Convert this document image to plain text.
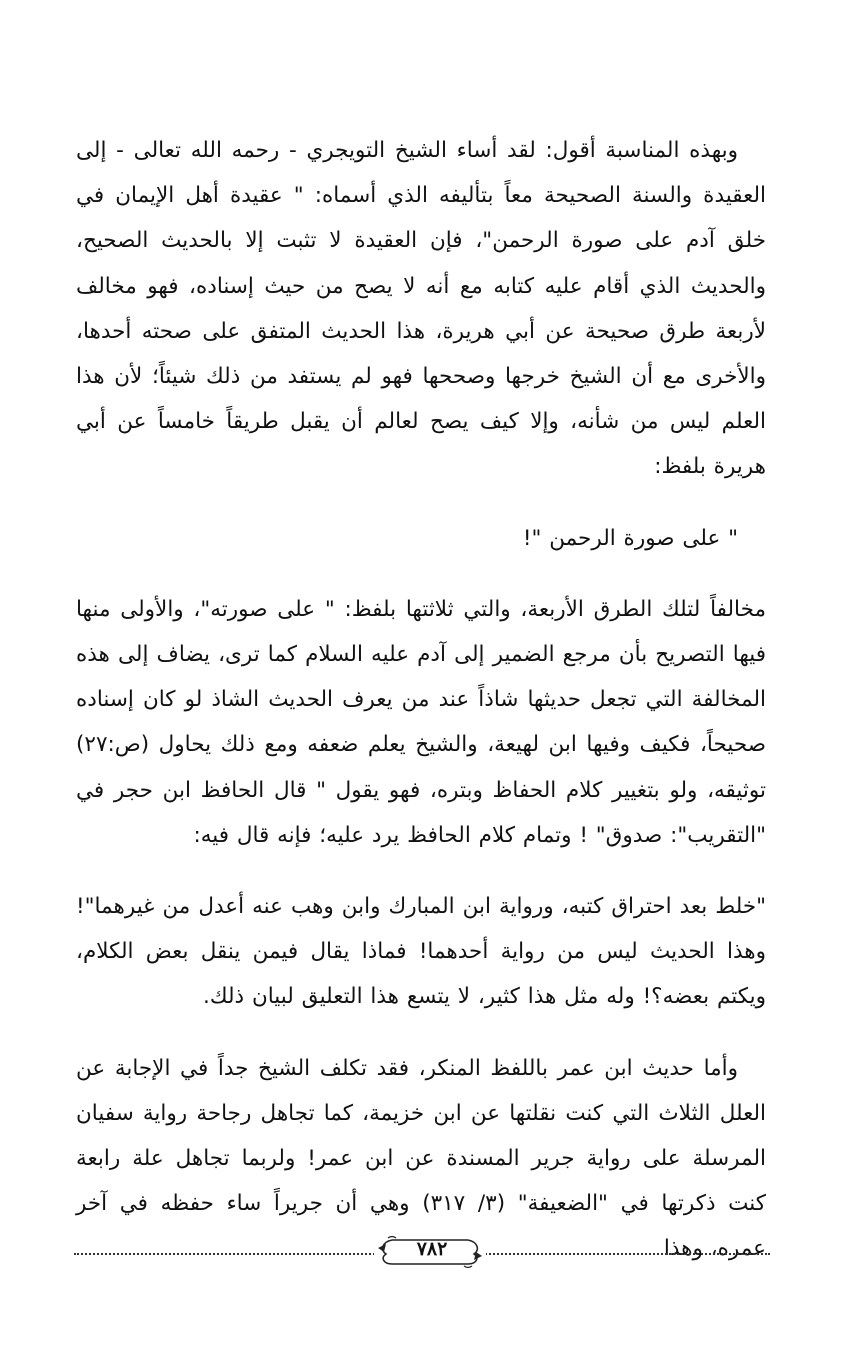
وبهذه المناسبة أقول: لقد أساء الشيخ التويجري - رحمه الله تعالى - إلى العقيدة والسنة الصحيحة معاً بتأليفه الذي أسماه: " عقيدة أهل الإيمان في خلق آدم على صورة الرحمن"، فإن العقيدة لا تثبت إلا بالحديث الصحيح، والحديث الذي أقام عليه كتابه مع أنه لا يصح من حيث إسناده، فهو مخالف لأربعة طرق صحيحة عن أبي هريرة، هذا الحديث المتفق على صحته أحدها، والأخرى مع أن الشيخ خرجها وصححها فهو لم يستفد من ذلك شيئاً؛ لأن هذا العلم ليس من شأنه، وإلا كيف يصح لعالم أن يقبل طريقاً خامساً عن أبي هريرة بلفظ:

" على صورة الرحمن "!

مخالفاً لتلك الطرق الأربعة، والتي ثلاثتها بلفظ: " على صورته"، والأولى منها فيها التصريح بأن مرجع الضمير إلى آدم عليه السلام كما ترى، يضاف إلى هذه المخالفة التي تجعل حديثها شاذاً عند من يعرف الحديث الشاذ لو كان إسناده صحيحاً، فكيف وفيها ابن لهيعة، والشيخ يعلم ضعفه ومع ذلك يحاول (ص:٢٧) توثيقه، ولو بتغيير كلام الحفاظ وبتره، فهو يقول " قال الحافظ ابن حجر في "التقريب": صدوق" ! وتمام كلام الحافظ يرد عليه؛ فإنه قال فيه:

"خلط بعد احتراق كتبه، ورواية ابن المبارك وابن وهب عنه أعدل من غيرهما"! وهذا الحديث ليس من رواية أحدهما! فماذا يقال فيمن ينقل بعض الكلام، ويكتم بعضه؟! وله مثل هذا كثير، لا يتسع هذا التعليق لبيان ذلك.

وأما حديث ابن عمر باللفظ المنكر، فقد تكلف الشيخ جداً في الإجابة عن العلل الثلاث التي كنت نقلتها عن ابن خزيمة، كما تجاهل رجاحة رواية سفيان المرسلة على رواية جرير المسندة عن ابن عمر! ولربما تجاهل علة رابعة كنت ذكرتها في "الضعيفة" (٣/ ٣١٧) وهي أن جريراً ساء حفظه في آخر عمره، وهذا

٧٨٢
